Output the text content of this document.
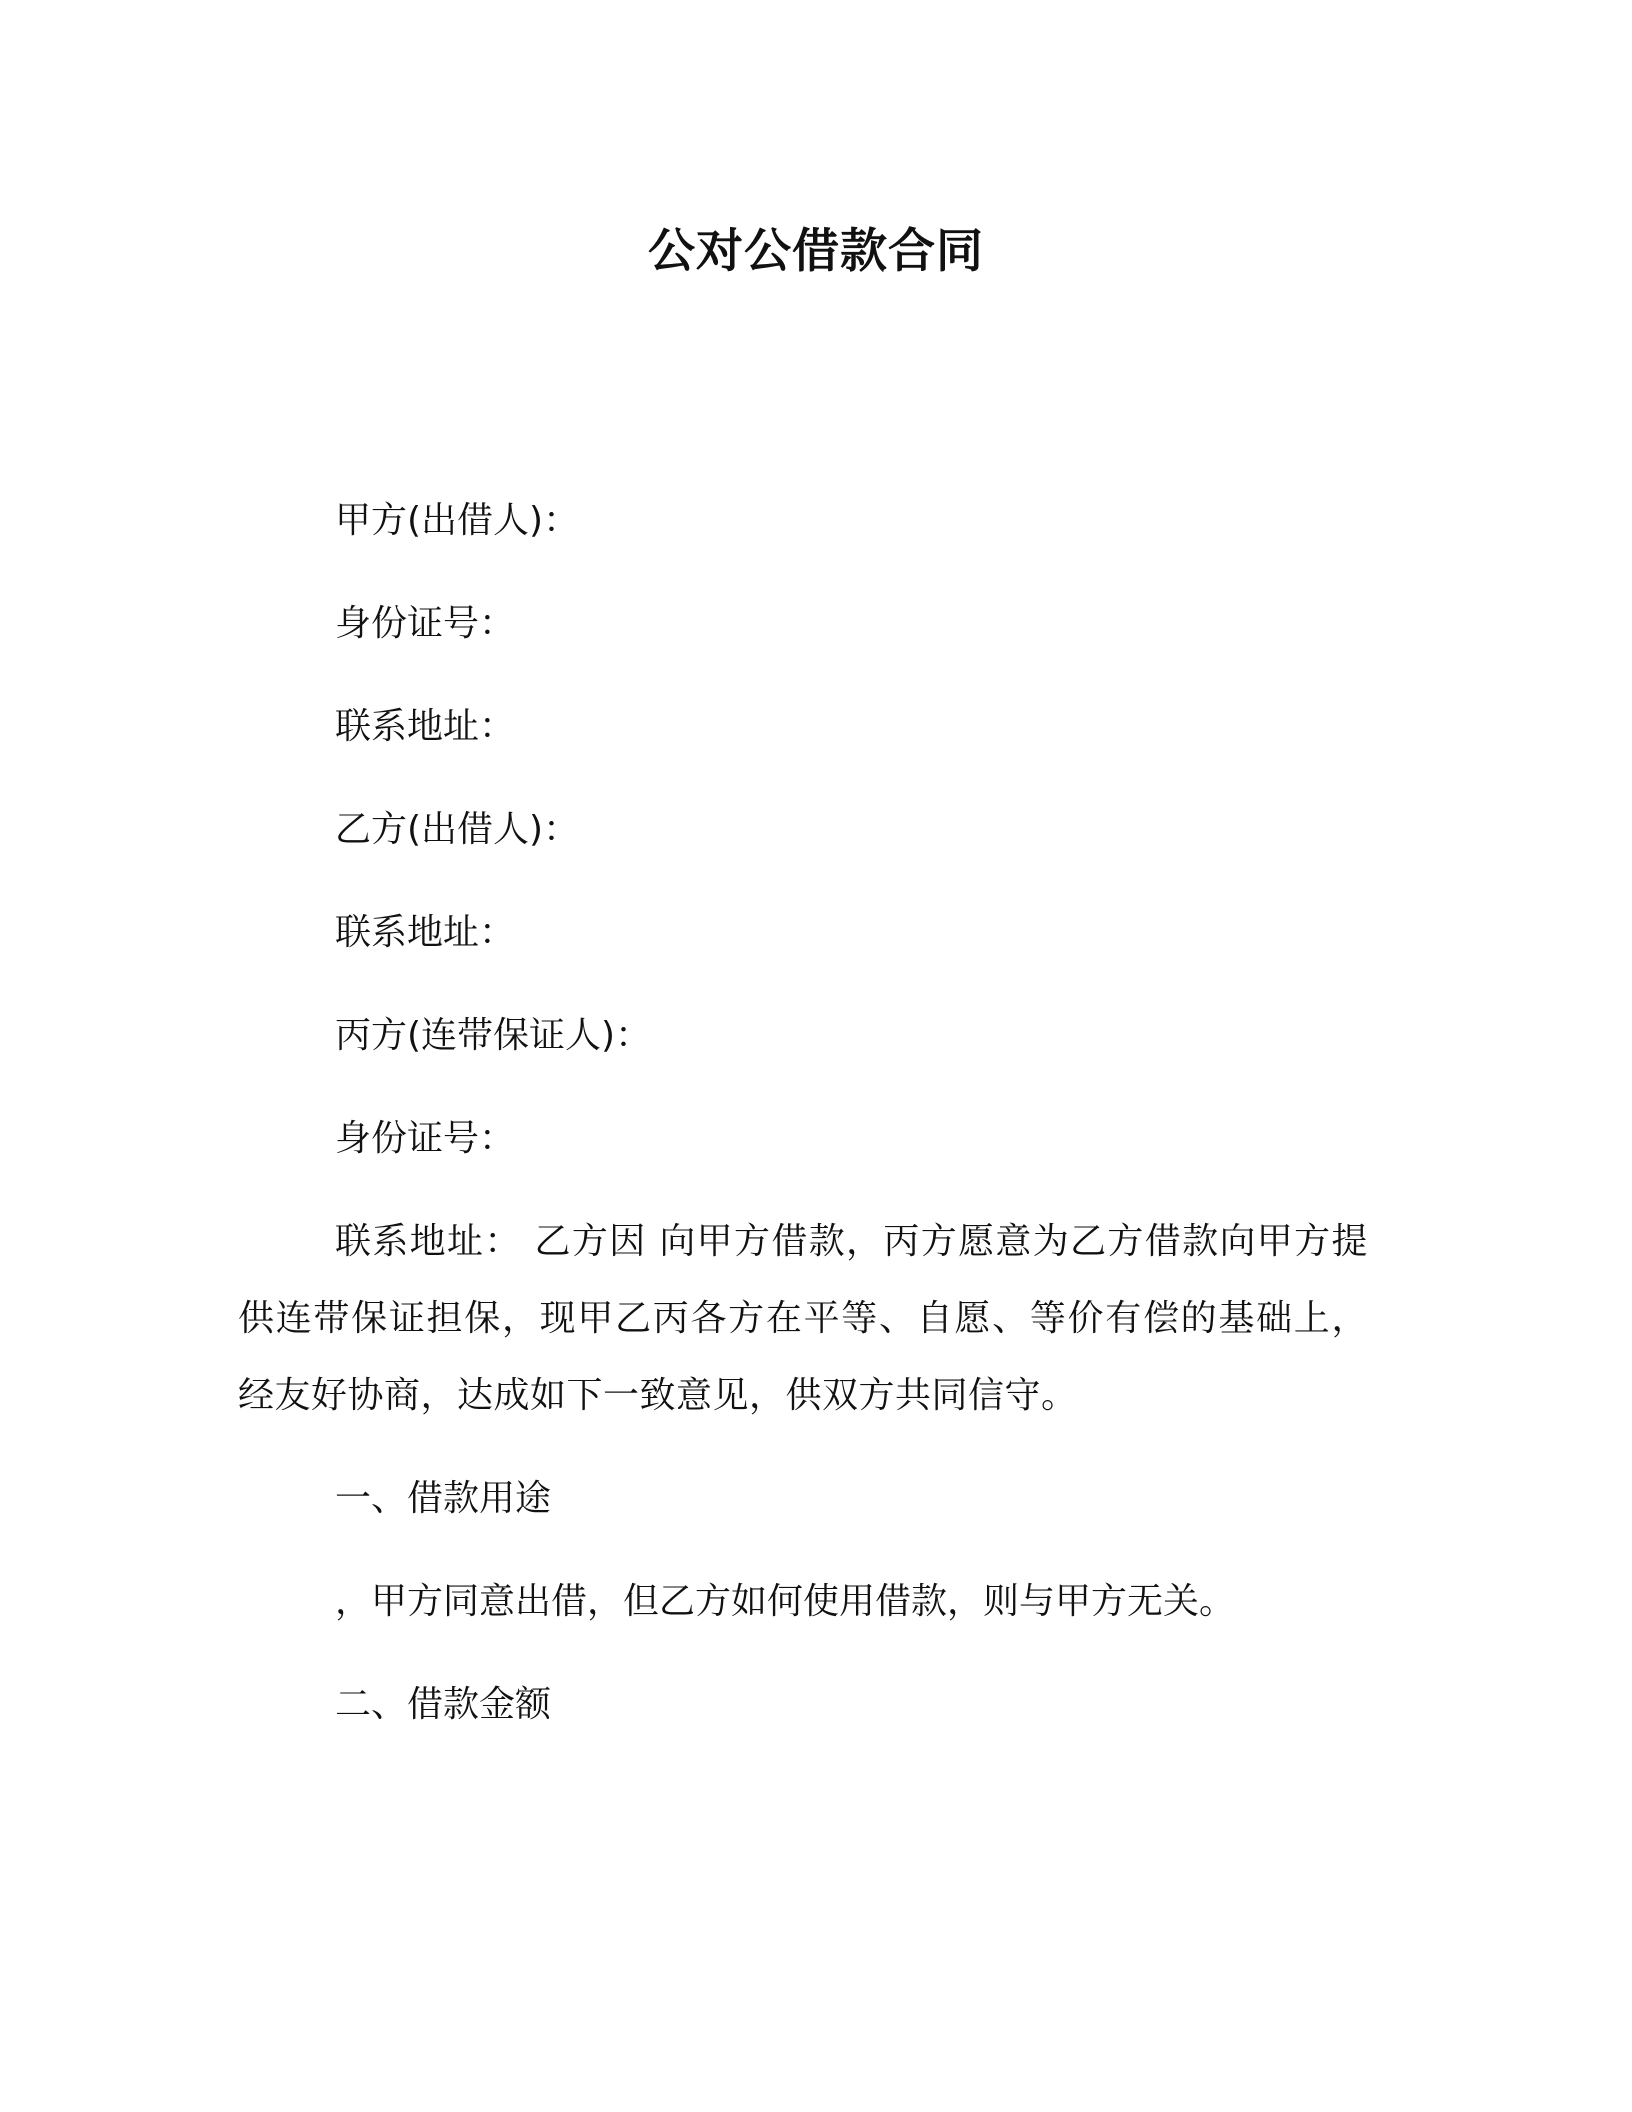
公对公借款合同
甲方(出借人)：
身份证号：
联系地址：
乙方(出借人)：
联系地址：
丙方(连带保证人)：
身份证号：
联系地址： 乙方因 向甲方借款，丙方愿意为乙方借款向甲方提供连带保证担保，现甲乙丙各方在平等、自愿、等价有偿的基础上，经友好协商，达成如下一致意见，供双方共同信守。
一、借款用途
，甲方同意出借，但乙方如何使用借款，则与甲方无关。
二、借款金额
